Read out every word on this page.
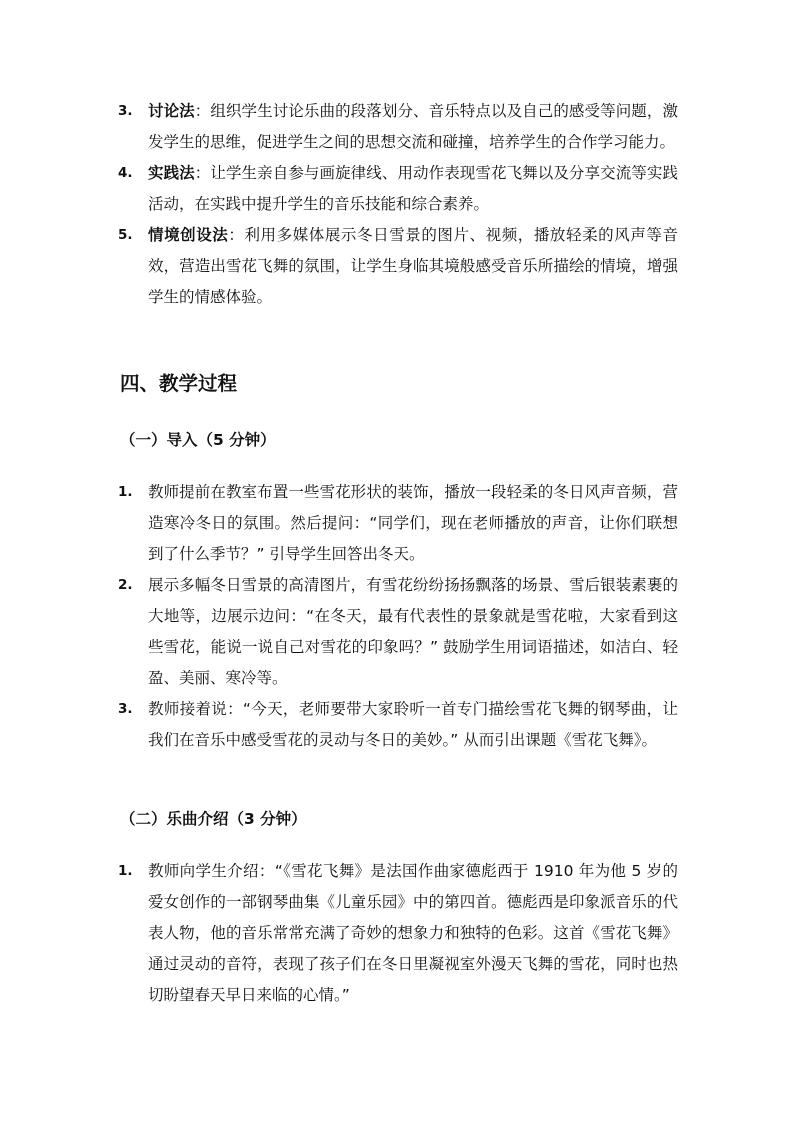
3. 讨论法：组织学生讨论乐曲的段落划分、音乐特点以及自己的感受等问题，激发学生的思维，促进学生之间的思想交流和碰撞，培养学生的合作学习能力。
4. 实践法：让学生亲自参与画旋律线、用动作表现雪花飞舞以及分享交流等实践活动，在实践中提升学生的音乐技能和综合素养。
5. 情境创设法：利用多媒体展示冬日雪景的图片、视频，播放轻柔的风声等音效，营造出雪花飞舞的氛围，让学生身临其境般感受音乐所描绘的情境，增强学生的情感体验。
四、教学过程
（一）导入（5 分钟）
1. 教师提前在教室布置一些雪花形状的装饰，播放一段轻柔的冬日风声音频，营造寒冷冬日的氛围。然后提问：“同学们，现在老师播放的声音，让你们联想到了什么季节？” 引导学生回答出冬天。
2. 展示多幅冬日雪景的高清图片，有雪花纷纷扬扬飘落的场景、雪后银装素裹的大地等，边展示边问：“在冬天，最有代表性的景象就是雪花啦，大家看到这些雪花，能说一说自己对雪花的印象吗？” 鼓励学生用词语描述，如洁白、轻盈、美丽、寒冷等。
3. 教师接着说：“今天，老师要带大家聆听一首专门描绘雪花飞舞的钢琴曲，让我们在音乐中感受雪花的灵动与冬日的美妙。” 从而引出课题《雪花飞舞》。
（二）乐曲介绍（3 分钟）
1. 教师向学生介绍：“《雪花飞舞》是法国作曲家德彪西于 1910 年为他 5 岁的爱女创作的一部钢琴曲集《儿童乐园》中的第四首。德彪西是印象派音乐的代表人物，他的音乐常常充满了奇妙的想象力和独特的色彩。这首《雪花飞舞》通过灵动的音符，表现了孩子们在冬日里凝视室外漫天飞舞的雪花，同时也热切盼望春天早日来临的心情。”
